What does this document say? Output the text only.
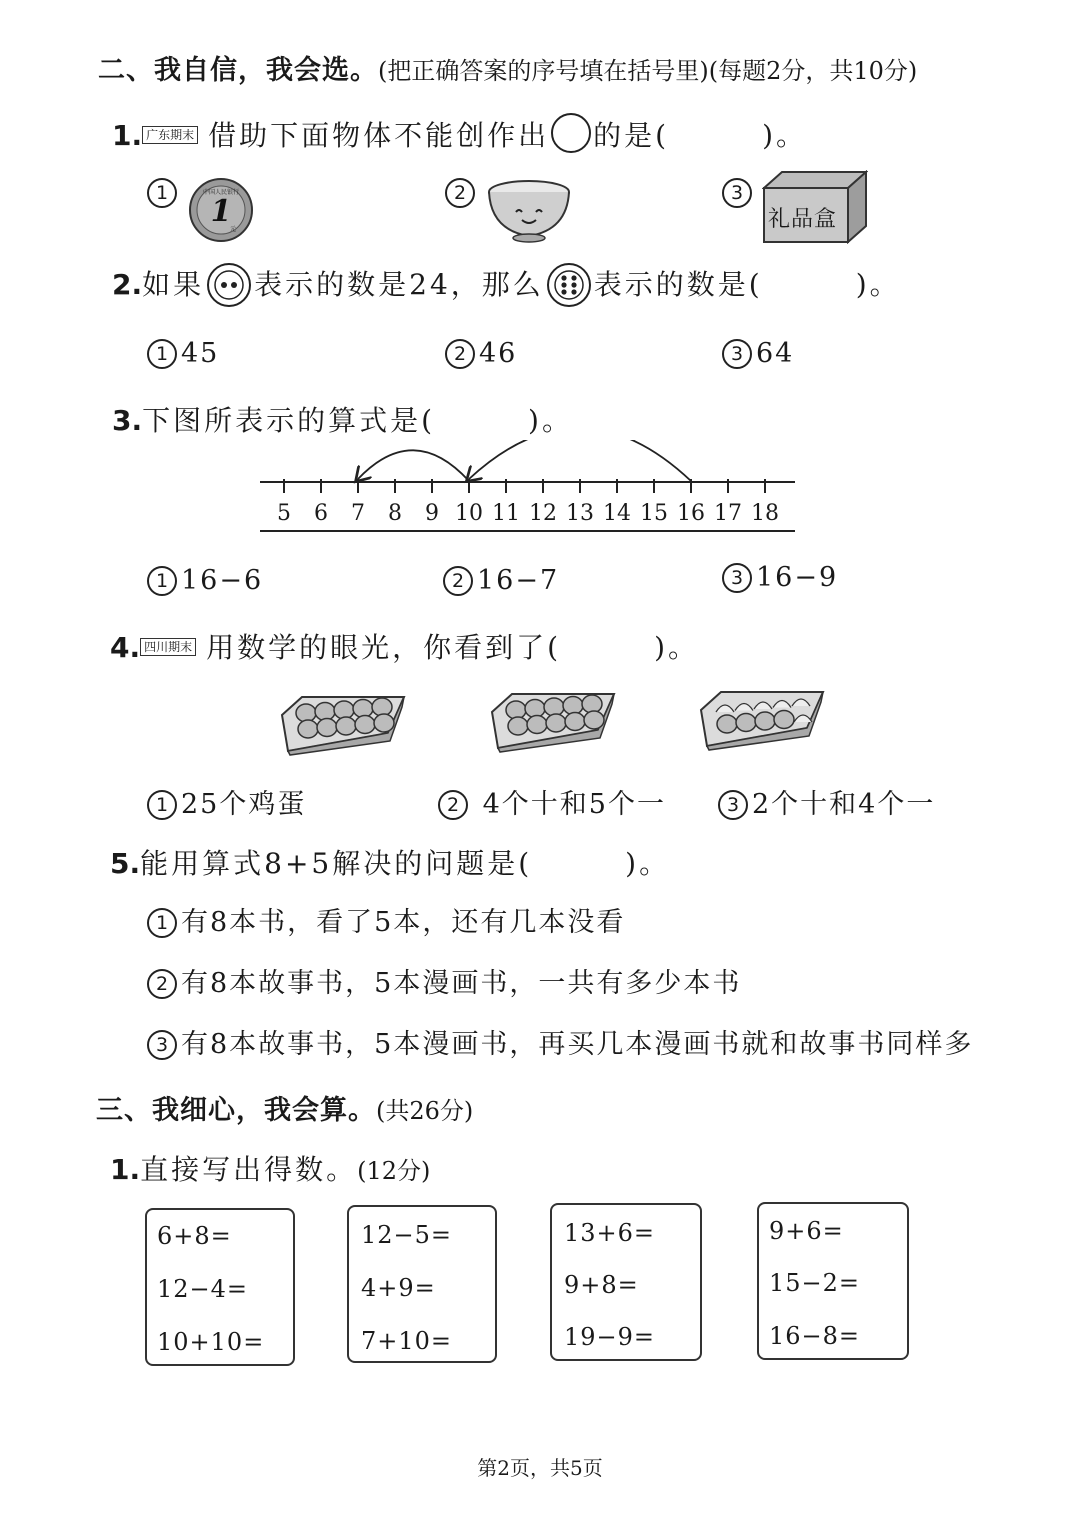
二、我自信，我会选。(把正确答案的序号填在括号里)(每题2分，共10分)
1. 广东期末 借助下面物体不能创作出 的是(　　　)。
1
1
中国人民银行
元
2	3
礼品盒
2.如果 表示的数是24，那么 表示的数是(　　　)。
1 45	2 46	3 64
3.下图所表示的算式是(　　　)。
5	6	7	8	9 10 11 12 13 14 15 16 17 18
1 16−6	2 16−7	3 16−9
4. 四川期末 用数学的眼光，你看到了(　　　)。
1 25个鸡蛋	2 4个十和5个一	3 2个十和4个一
5.能用算式8+5解决的问题是(　　　)。
1 有8本书，看了5本，还有几本没看
2 有8本故事书，5本漫画书，一共有多少本书
3 有8本故事书，5本漫画书，再买几本漫画书就和故事书同样多
三、我细心，我会算。(共26分)
1.直接写出得数。(12分)
6+8=
12−4=
10+10=
12−5=
4+9=
7+10=
13+6=
9+8=
19−9=
9+6=
15−2=
16−8=
第2页，共5页
